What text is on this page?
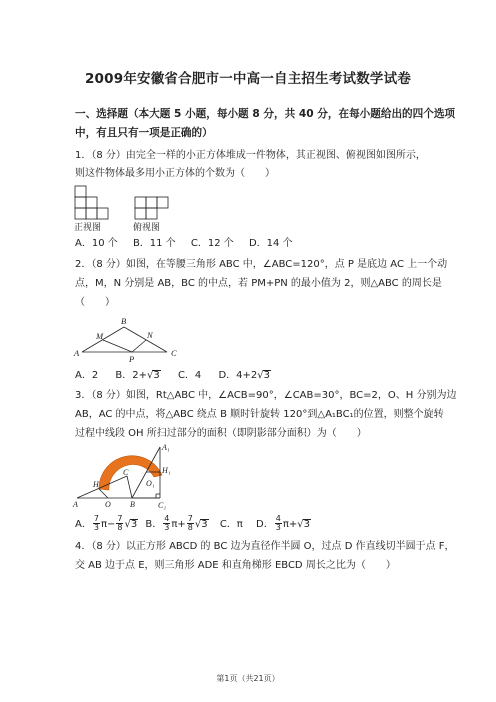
2009年安徽省合肥市一中高一自主招生考试数学试卷
一、选择题（本大题 5 小题，每小题 8 分，共 40 分，在每小题给出的四个选项
中，有且只有一项是正确的）
1．（8 分）由完全一样的小正方体堆成一件物体，其正视图、俯视图如图所示，
则这件物体最多用小正方体的个数为（　　）
正视图	俯视图
A．10 个 B．11 个 C．12 个 D．14 个
2．（8 分）如图，在等腰三角形 ABC 中，∠ABC=120°，点 P 是底边 AC 上一个动
点，M，N 分别是 AB，BC 的中点，若 PM+PN 的最小值为 2，则△ABC 的周长是
（　　）
B
M	N
A
P
C
A．2 B．2+√3 C．4 D．4+2√3
3．（8 分）如图，Rt△ABC 中，∠ACB=90°，∠CAB=30°，BC=2，O、H 分别为边
AB，AC 的中点，将△ABC 绕点 B 顺时针旋转 120°到△A₁BC₁的位置，则整个旋转
过程中线段 OH 所扫过部分的面积（即阴影部分面积）为（　　）
A₁
H₁
H
C
O₁
A	O B	C₁
A． $\frac{7}{3} \pi- \frac{7}{8} √3$ B． $\frac{4}{3} \pi+ \frac{7}{8} √3$ C．π D． $\frac{4}{3} \pi+√3$
4．（8 分）以正方形 ABCD 的 BC 边为直径作半圆 O，过点 D 作直线切半圆于点 F，
交 AB 边于点 E，则三角形 ADE 和直角梯形 EBCD 周长之比为（　　）
第1页（共21页）
